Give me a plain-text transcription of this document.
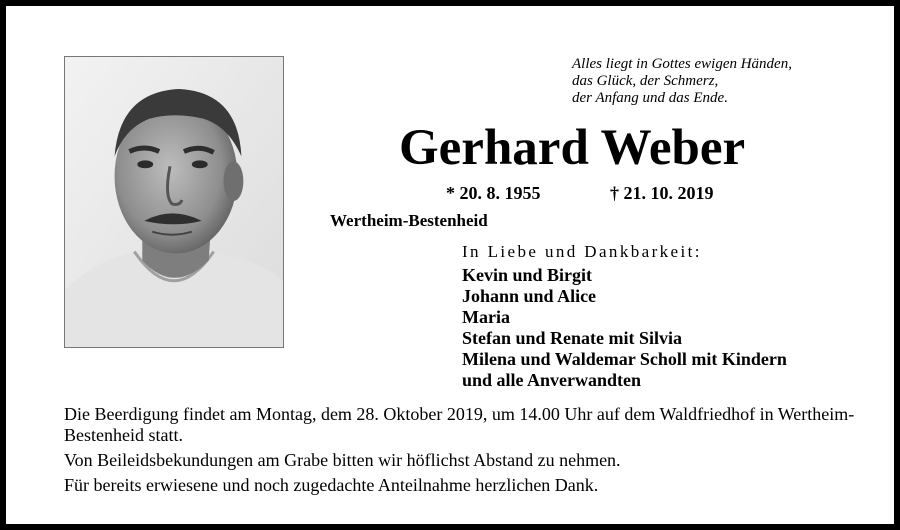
Alles liegt in Gottes ewigen Händen,
das Glück, der Schmerz,
der Anfang und das Ende.
Gerhard Weber
* 20. 8. 1955	† 21. 10. 2019
Wertheim-Bestenheid
In Liebe und Dankbarkeit:
Kevin und Birgit
Johann und Alice
Maria
Stefan und Renate mit Silvia
Milena und Waldemar Scholl mit Kindern
und alle Anverwandten

Die Beerdigung findet am Montag, dem 28. Oktober 2019, um 14.00 Uhr auf dem Waldfriedhof in Wertheim-Bestenheid statt.

Von Beileidsbekundungen am Grabe bitten wir höflichst Abstand zu nehmen.

Für bereits erwiesene und noch zugedachte Anteilnahme herzlichen Dank.
